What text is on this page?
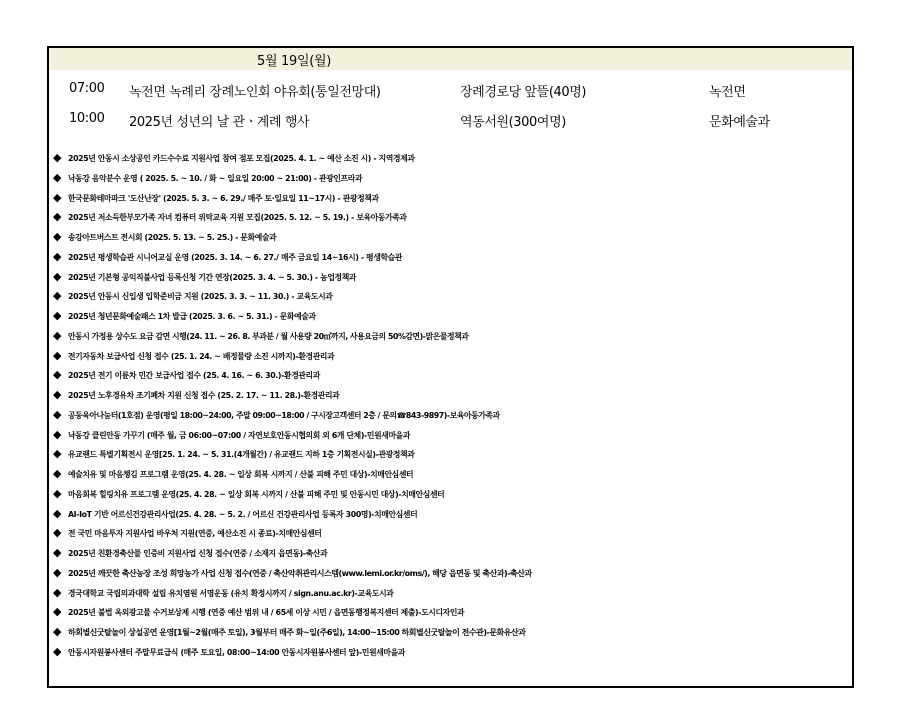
5월 19일(월)
07:00 녹전면 녹례리 장례노인회 야유회(통일전망대)	장례경로당 앞뜰(40명)	녹전면
10:00 2025년 성년의 날 관ㆍ계례 행사	역동서원(300여명)	문화예술과
◆ 2025년 안동시 소상공인 카드수수료 지원사업 참여 점포 모집(2025. 4. 1. ~ 예산 소진 시) - 지역경제과
◆ 낙동강 음악분수 운영 ( 2025. 5. ~ 10. / 화 ~ 일요일 20:00 ~ 21:00) - 관광인프라과
◆ 한국문화테마파크 '도산난장' (2025. 5. 3. ~ 6. 29./ 매주 토·일요일 11~17시) - 관광정책과
◆ 2025년 저소득한부모가족 자녀 컴퓨터 위탁교육 지원 모집(2025. 5. 12. ~ 5. 19.) - 보육아동가족과
◆ 송강아트버스트 전시회 (2025. 5. 13. ~ 5. 25.) - 문화예술과
◆ 2025년 평생학습관 시니어교실 운영 (2025. 3. 14. ~ 6. 27./ 매주 금요일 14~16시) - 평생학습관
◆ 2025년 기본형 공익직불사업 등록신청 기간 연장(2025. 3. 4. ~ 5. 30.) - 농업정책과
◆ 2025년 안동시 신입생 입학준비금 지원 (2025. 3. 3. ~ 11. 30.) - 교육도시과
◆ 2025년 청년문화예술패스 1차 발급 (2025. 3. 6. ~ 5. 31.) - 문화예술과
◆ 안동시 가정용 상수도 요금 감면 시행(24. 11. ~ 26. 8. 부과분 / 월 사용량 20㎥까지, 사용요금의 50%감면)-맑은물정책과
◆ 전기자동차 보급사업 신청 접수 (25. 1. 24. ~ 배정물량 소진 시까지)-환경관리과
◆ 2025년 전기 이륜차 민간 보급사업 접수 (25. 4. 16. ~ 6. 30.)-환경관리과
◆ 2025년 노후경유차 조기폐차 지원 신청 접수 (25. 2. 17. ~ 11. 28.)-환경관리과
◆ 공동육아나눔터(1호점) 운영(평일 18:00~24:00, 주말 09:00~18:00 / 구시장고객센터 2층 / 문의☎843-9897)-보육아동가족과
◆ 낙동강 클린안동 가꾸기 (매주 월, 금 06:00~07:00 / 자연보호안동시협의회 외 6개 단체)-민원새마을과
◆ 유교랜드 특별기획전시 운영[25. 1. 24. ~ 5. 31.(4개월간) / 유교랜드 지하 1층 기획전시실)-관광정책과
◆ 예술치유 및 마음챙김 프로그램 운영(25. 4. 28. ~ 일상 회복 시까지 / 산불 피해 주민 대상)-치매안심센터
◆ 마음회복 힐링치유 프로그램 운영(25. 4. 28. ~ 일상 회복 시까지 / 산불 피해 주민 및 안동시민 대상)-치매안심센터
◆ AI-IoT 기반 어르신건강관리사업(25. 4. 28. ~ 5. 2. / 어르신 건강관리사업 등록자 300명)-치매안심센터
◆ 전 국민 마음투자 지원사업 바우처 지원(연중, 예산소진 시 종료)-치매안심센터
◆ 2025년 친환경축산물 인증비 지원사업 신청 접수(연중 / 소재지 읍면동)-축산과
◆ 2025년 깨끗한 축산농장 조성 희망농가 사업 신청 접수(연중 / 축산악취관리시스템(www.lemi.or.kr/oms/), 해당 읍면동 및 축산과)-축산과
◆ 경국대학교 국립의과대학 설립 유치염원 서명운동 (유치 확정시까지 / sign.anu.ac.kr)-교육도시과
◆ 2025년 불법 옥외광고물 수거보상제 시행 (연중 예산 범위 내 / 65세 이상 시민 / 읍면동행정복지센터 제출)-도시디자인과
◆ 하회별신굿탈놀이 상설공연 운영[1월~2월(매주 토일), 3월부터 매주 화~일(주6일), 14:00~15:00 하회별신굿탈놀이 전수관)-문화유산과
◆ 안동시자원봉사센터 주말무료급식 (매주 토요일, 08:00~14:00 안동시자원봉사센터 앞)-민원새마을과
